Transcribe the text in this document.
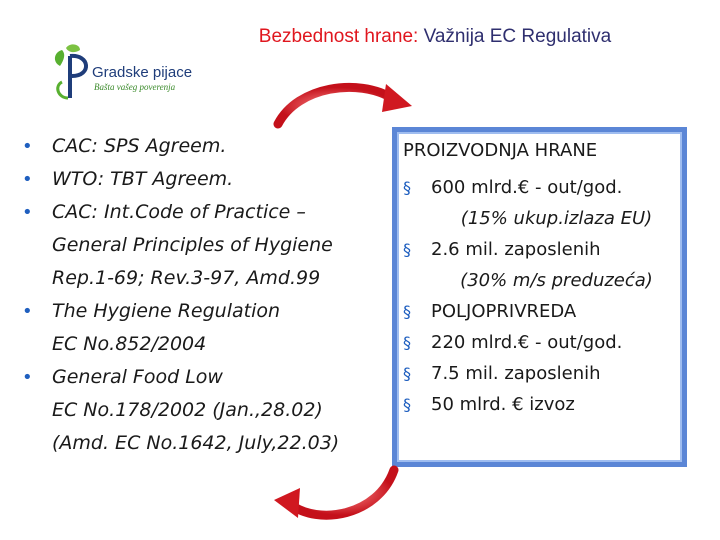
Bezbednost hrane: Važnija EC Regulativa
Gradske pijace
Bašta vašeg poverenja
• CAC: SPS Agreem.
• WTO: TBT Agreem.
• CAC: Int.Code of Practice –
General Principles of Hygiene
Rep.1-69; Rev.3-97, Amd.99
• The Hygiene Regulation
EC No.852/2004
• General Food Low
EC No.178/2002 (Jan.,28.02)
(Amd. EC No.1642, July,22.03)
PROIZVODNJA HRANE
§ 600 mlrd.€ - out/god.
(15% ukup.izlaza EU)
§ 2.6 mil. zaposlenih
(30% m/s preduzeća)
§ POLJOPRIVREDA
§ 220 mlrd.€ - out/god.
§ 7.5 mil. zaposlenih
§ 50 mlrd. € izvoz
